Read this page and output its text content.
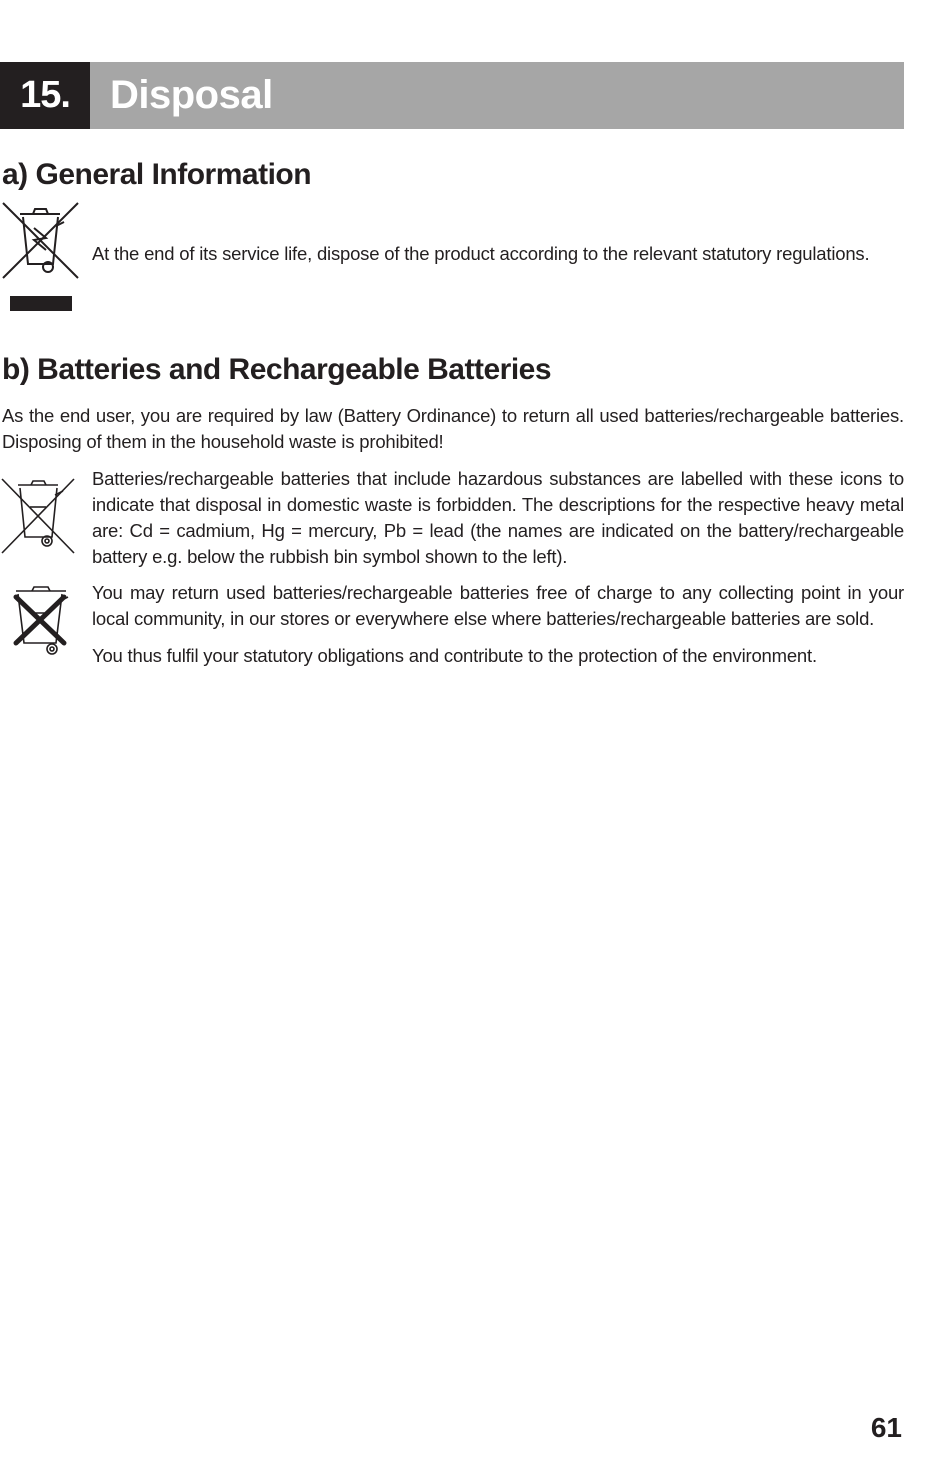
15.	Disposal
a) General Information

At the end of its service life, dispose of the product according to the relevant statutory regulations.

b) Batteries and Rechargeable Batteries

As the end user, you are required by law (Battery Ordinance) to return all used batteries/rechargeable batteries. Disposing of them in the household waste is prohibited!

Batteries/rechargeable batteries that include hazardous substances are labelled with these icons to indicate that disposal in domestic waste is forbidden. The descriptions for the respective heavy metal are: Cd = cadmium, Hg = mercury, Pb = lead (the names are indicated on the battery/rechargeable battery e.g. below the rubbish bin symbol shown to the left).

You may return used batteries/rechargeable batteries free of charge to any collecting point in your local community, in our stores or everywhere else where batteries/rechargeable batteries are sold.

You thus fulfil your statutory obligations and contribute to the protection of the environment.

61
